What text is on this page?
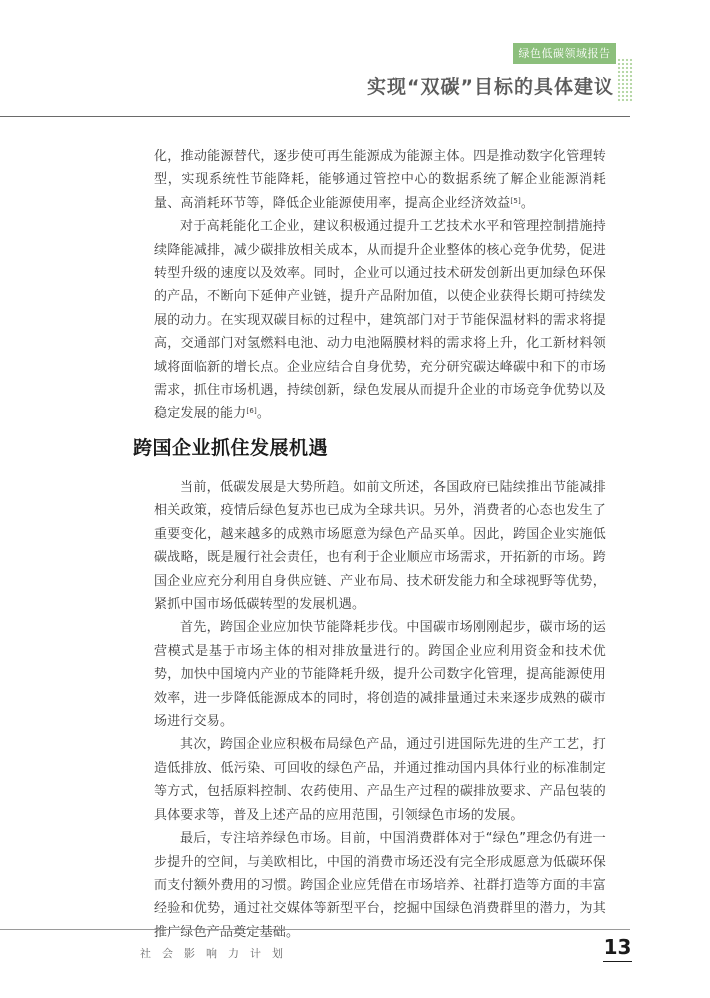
绿色低碳领域报告
实现“双碳”目标的具体建议

化，推动能源替代，逐步使可再生能源成为能源主体。四是推动数字化管理转型，实现系统性节能降耗，能够通过管控中心的数据系统了解企业能源消耗量、高消耗环节等，降低企业能源使用率，提高企业经济效益[5]。

对于高耗能化工企业，建议积极通过提升工艺技术水平和管理控制措施持续降能减排，减少碳排放相关成本，从而提升企业整体的核心竞争优势，促进转型升级的速度以及效率。同时，企业可以通过技术研发创新出更加绿色环保的产品，不断向下延伸产业链，提升产品附加值，以使企业获得长期可持续发展的动力。在实现双碳目标的过程中，建筑部门对于节能保温材料的需求将提高，交通部门对氢燃料电池、动力电池隔膜材料的需求将上升，化工新材料领域将面临新的增长点。企业应结合自身优势，充分研究碳达峰碳中和下的市场需求，抓住市场机遇，持续创新，绿色发展从而提升企业的市场竞争优势以及稳定发展的能力[6]。

跨国企业抓住发展机遇

当前，低碳发展是大势所趋。如前文所述，各国政府已陆续推出节能减排相关政策，疫情后绿色复苏也已成为全球共识。另外，消费者的心态也发生了重要变化，越来越多的成熟市场愿意为绿色产品买单。因此，跨国企业实施低碳战略，既是履行社会责任，也有利于企业顺应市场需求，开拓新的市场。跨国企业应充分利用自身供应链、产业布局、技术研发能力和全球视野等优势，紧抓中国市场低碳转型的发展机遇。

首先，跨国企业应加快节能降耗步伐。中国碳市场刚刚起步，碳市场的运营模式是基于市场主体的相对排放量进行的。跨国企业应利用资金和技术优势，加快中国境内产业的节能降耗升级，提升公司数字化管理，提高能源使用效率，进一步降低能源成本的同时，将创造的减排量通过未来逐步成熟的碳市场进行交易。

其次，跨国企业应积极布局绿色产品，通过引进国际先进的生产工艺，打造低排放、低污染、可回收的绿色产品，并通过推动国内具体行业的标准制定等方式，包括原料控制、农药使用、产品生产过程的碳排放要求、产品包装的具体要求等，普及上述产品的应用范围，引领绿色市场的发展。

最后，专注培养绿色市场。目前，中国消费群体对于“绿色”理念仍有进一步提升的空间，与美欧相比，中国的消费市场还没有完全形成愿意为低碳环保而支付额外费用的习惯。跨国企业应凭借在市场培养、社群打造等方面的丰富经验和优势，通过社交媒体等新型平台，挖掘中国绿色消费群里的潜力，为其推广绿色产品奠定基础。

社会影响力计划	13
